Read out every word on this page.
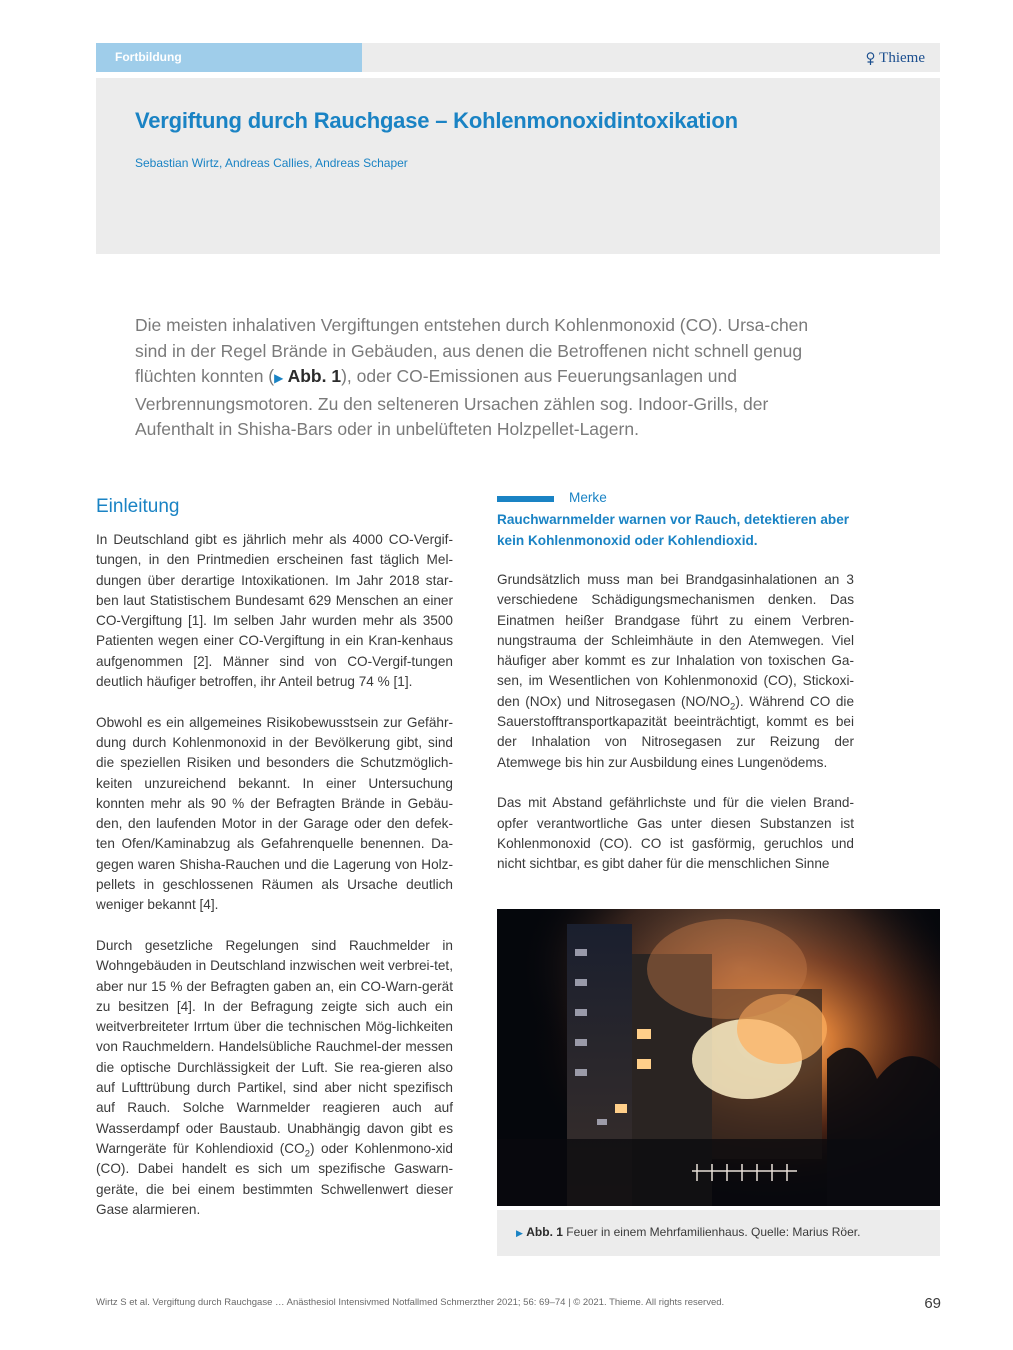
Fortbildung	Thieme
Vergiftung durch Rauchgase – Kohlenmonoxidintoxikation
Sebastian Wirtz, Andreas Callies, Andreas Schaper

Die meisten inhalativen Vergiftungen entstehen durch Kohlenmonoxid (CO). Ursa-chen sind in der Regel Brände in Gebäuden, aus denen die Betroffenen nicht schnell genug flüchten konnten (▶ Abb. 1), oder CO-Emissionen aus Feuerungsanlagen und Verbrennungsmotoren. Zu den selteneren Ursachen zählen sog. Indoor-Grills, der Aufenthalt in Shisha-Bars oder in unbelüfteten Holzpellet-Lagern.

Einleitung

In Deutschland gibt es jährlich mehr als 4000 CO-Vergif-tungen, in den Printmedien erscheinen fast täglich Mel-dungen über derartige Intoxikationen. Im Jahr 2018 star-ben laut Statistischem Bundesamt 629 Menschen an einer CO-Vergiftung [1]. Im selben Jahr wurden mehr als 3500 Patienten wegen einer CO-Vergiftung in ein Kran-kenhaus aufgenommen [2]. Männer sind von CO-Vergif-tungen deutlich häufiger betroffen, ihr Anteil betrug 74 % [1].

Obwohl es ein allgemeines Risikobewusstsein zur Gefähr-dung durch Kohlenmonoxid in der Bevölkerung gibt, sind die speziellen Risiken und besonders die Schutzmöglich-keiten unzureichend bekannt. In einer Untersuchung konnten mehr als 90 % der Befragten Brände in Gebäu-den, den laufenden Motor in der Garage oder den defek-ten Ofen/Kaminabzug als Gefahrenquelle benennen. Da-gegen waren Shisha-Rauchen und die Lagerung von Holz-pellets in geschlossenen Räumen als Ursache deutlich weniger bekannt [4].

Durch gesetzliche Regelungen sind Rauchmelder in Wohngebäuden in Deutschland inzwischen weit verbrei-tet, aber nur 15 % der Befragten gaben an, ein CO-Warn-gerät zu besitzen [4]. In der Befragung zeigte sich auch ein weitverbreiteter Irrtum über die technischen Mög-lichkeiten von Rauchmeldern. Handelsübliche Rauchmel-der messen die optische Durchlässigkeit der Luft. Sie rea-gieren also auf Lufttrübung durch Partikel, sind aber nicht spezifisch auf Rauch. Solche Warnmelder reagieren auch auf Wasserdampf oder Baustaub. Unabhängig davon gibt es Warngeräte für Kohlendioxid $(CO_2)$ oder Kohlenmono-xid (CO). Dabei handelt es sich um spezifische Gaswarn-geräte, die bei einem bestimmten Schwellenwert dieser Gase alarmieren.

Merke
Rauchwarnmelder warnen vor Rauch, detektieren aber kein Kohlenmonoxid oder Kohlendioxid.

Grundsätzlich muss man bei Brandgasinhalationen an 3 verschiedene Schädigungsmechanismen denken. Das Einatmen heißer Brandgase führt zu einem Verbren-nungstrauma der Schleimhäute in den Atemwegen. Viel häufiger aber kommt es zur Inhalation von toxischen Ga-sen, im Wesentlichen von Kohlenmonoxid (CO), Stickoxi-den (NOx) und Nitrosegasen $(NO/NO_2)$. Während CO die Sauerstofftransportkapazität beeinträchtigt, kommt es bei der Inhalation von Nitrosegasen zur Reizung der Atemwege bis hin zur Ausbildung eines Lungenödems.

Das mit Abstand gefährlichste und für die vielen Brand-opfer verantwortliche Gas unter diesen Substanzen ist Kohlenmonoxid (CO). CO ist gasförmig, geruchlos und nicht sichtbar, es gibt daher für die menschlichen Sinne

▶ Abb. 1 Feuer in einem Mehrfamilienhaus. Quelle: Marius Röer.
Wirtz S et al. Vergiftung durch Rauchgase … Anästhesiol Intensivmed Notfallmed Schmerzther 2021; 56: 69–74 | © 2021. Thieme. All rights reserved.	69
